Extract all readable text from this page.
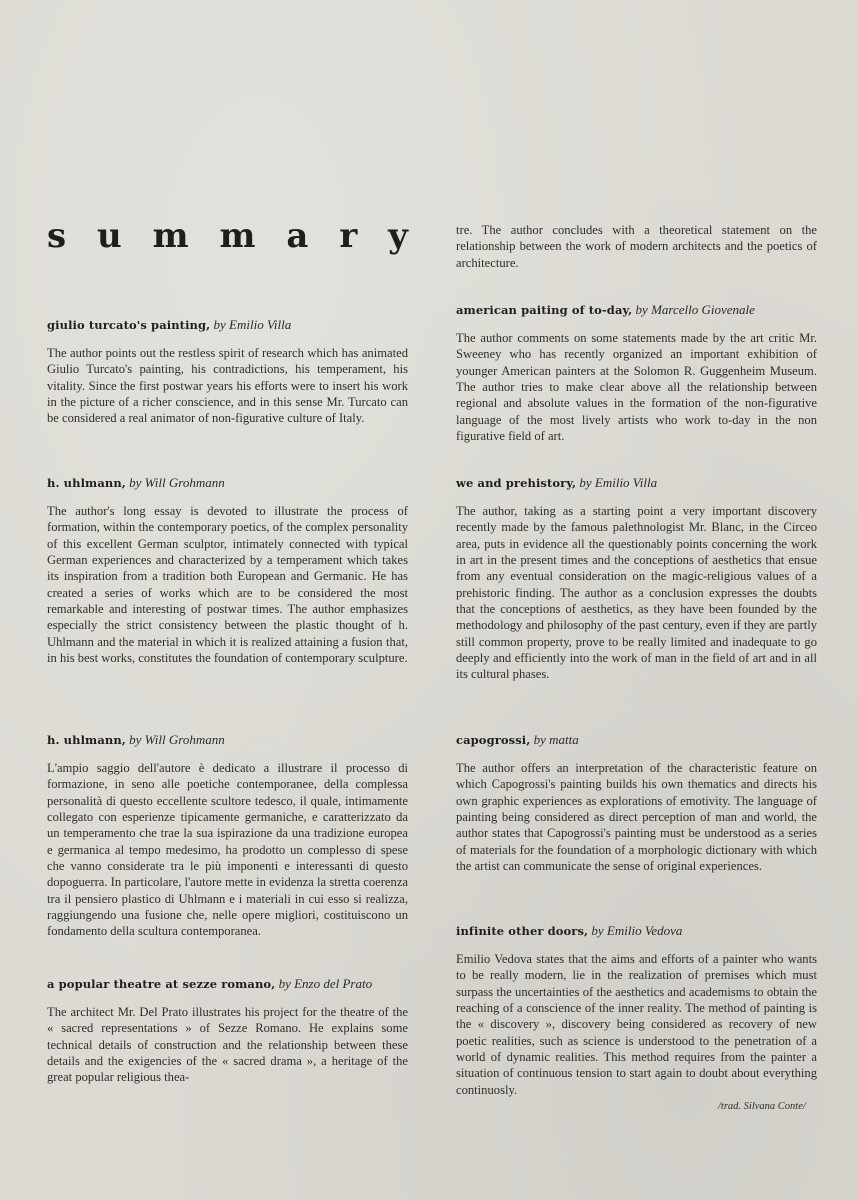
s u m m a r y
giulio turcato's painting, by Emilio Villa

The author points out the restless spirit of research which has animated Giulio Turcato's painting, his contradictions, his temperament, his vitality. Since the first postwar years his efforts were to insert his work in the picture of a richer conscience, and in this sense Mr. Turcato can be considered a real animator of non-figurative culture of Italy.

h. uhlmann, by Will Grohmann

The author's long essay is devoted to illustrate the process of formation, within the contemporary poetics, of the complex personality of this excellent German sculptor, intimately connected with typical German experiences and characterized by a temperament which takes its inspiration from a tradition both European and Germanic. He has created a series of works which are to be considered the most remarkable and interesting of postwar times. The author emphasizes especially the strict consistency between the plastic thought of h. Uhlmann and the material in which it is realized attaining a fusion that, in his best works, constitutes the foundation of contemporary sculpture.

h. uhlmann, by Will Grohmann

L'ampio saggio dell'autore è dedicato a illustrare il processo di formazione, in seno alle poetiche contemporanee, della complessa personalità di questo eccellente scultore tedesco, il quale, intimamente collegato con esperienze tipicamente germaniche, e caratterizzato da un temperamento che trae la sua ispirazione da una tradizione europea e germanica al tempo medesimo, ha prodotto un complesso di spese che vanno considerate tra le più imponenti e interessanti di questo dopoguerra. In particolare, l'autore mette in evidenza la stretta coerenza tra il pensiero plastico di Uhlmann e i materiali in cui esso si realizza, raggiungendo una fusione che, nelle opere migliori, costituiscono un fondamento della scultura contemporanea.

a popular theatre at sezze romano, by Enzo del Prato

The architect Mr. Del Prato illustrates his project for the theatre of the « sacred representations » of Sezze Romano. He explains some technical details of construction and the relationship between these details and the exigencies of the « sacred drama », a heritage of the great popular religious thea-

tre. The author concludes with a theoretical statement on the relationship between the work of modern architects and the poetics of architecture.

american paiting of to-day, by Marcello Giovenale

The author comments on some statements made by the art critic Mr. Sweeney who has recently organized an important exhibition of younger American painters at the Solomon R. Guggenheim Museum. The author tries to make clear above all the relationship between regional and absolute values in the formation of the non-figurative language of the most lively artists who work to-day in the non figurative field of art.

we and prehistory, by Emilio Villa

The author, taking as a starting point a very important discovery recently made by the famous palethnologist Mr. Blanc, in the Circeo area, puts in evidence all the questionably points concerning the work in art in the present times and the conceptions of aesthetics that ensue from any eventual consideration on the magic-religious values of a prehistoric finding. The author as a conclusion expresses the doubts that the conceptions of aesthetics, as they have been founded by the methodology and philosophy of the past century, even if they are partly still common property, prove to be really limited and inadequate to go deeply and efficiently into the work of man in the field of art and in all its cultural phases.

capogrossi, by matta

The author offers an interpretation of the characteristic feature on which Capogrossi's painting builds his own thematics and directs his own graphic experiences as explorations of emotivity. The language of painting being considered as direct perception of man and world, the author states that Capogrossi's painting must be understood as a series of materials for the foundation of a morphologic dictionary with which the artist can communicate the sense of original experiences.

infinite other doors, by Emilio Vedova

Emilio Vedova states that the aims and efforts of a painter who wants to be really modern, lie in the realization of premises which must surpass the uncertainties of the aesthetics and academisms to obtain the reaching of a conscience of the inner reality. The method of painting is the « discovery », discovery being considered as recovery of new poetic realities, such as science is understood to the penetration of a world of dynamic realities. This method requires from the painter a situation of continuous tension to start again to doubt about everything continuosly.

/trad. Silvana Conte/
